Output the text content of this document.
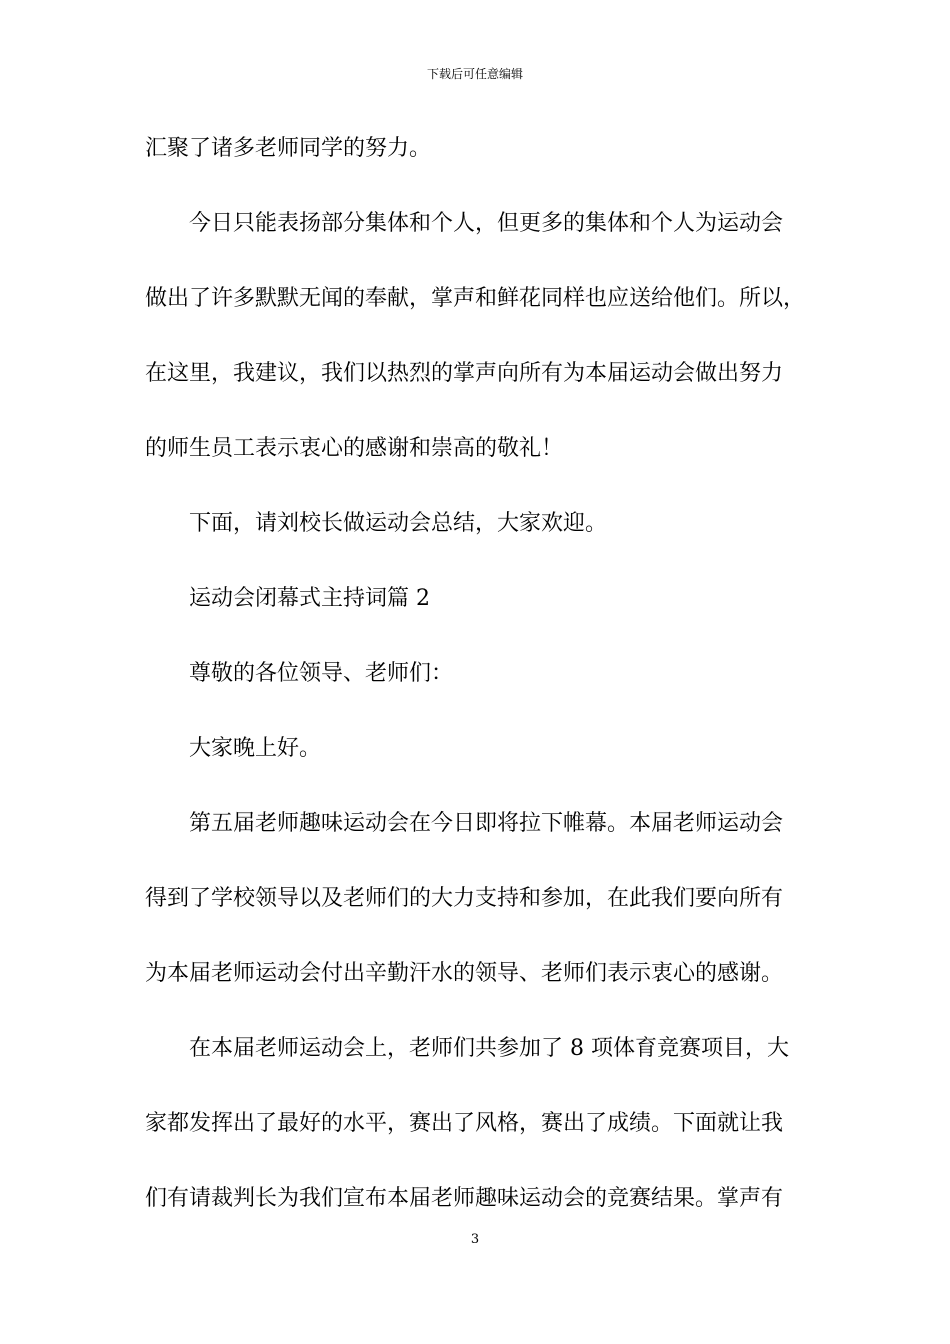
下载后可任意编辑
汇聚了诸多老师同学的努力。
今日只能表扬部分集体和个人，但更多的集体和个人为运动会
做出了许多默默无闻的奉献，掌声和鲜花同样也应送给他们。所以，
在这里，我建议，我们以热烈的掌声向所有为本届运动会做出努力
的师生员工表示衷心的感谢和崇高的敬礼！
下面，请刘校长做运动会总结，大家欢迎。
运动会闭幕式主持词篇 2
尊敬的各位领导、老师们：
大家晚上好。
第五届老师趣味运动会在今日即将拉下帷幕。本届老师运动会
得到了学校领导以及老师们的大力支持和参加，在此我们要向所有
为本届老师运动会付出辛勤汗水的领导、老师们表示衷心的感谢。
在本届老师运动会上，老师们共参加了 8 项体育竞赛项目，大
家都发挥出了最好的水平，赛出了风格，赛出了成绩。下面就让我
们有请裁判长为我们宣布本届老师趣味运动会的竞赛结果。掌声有
3
